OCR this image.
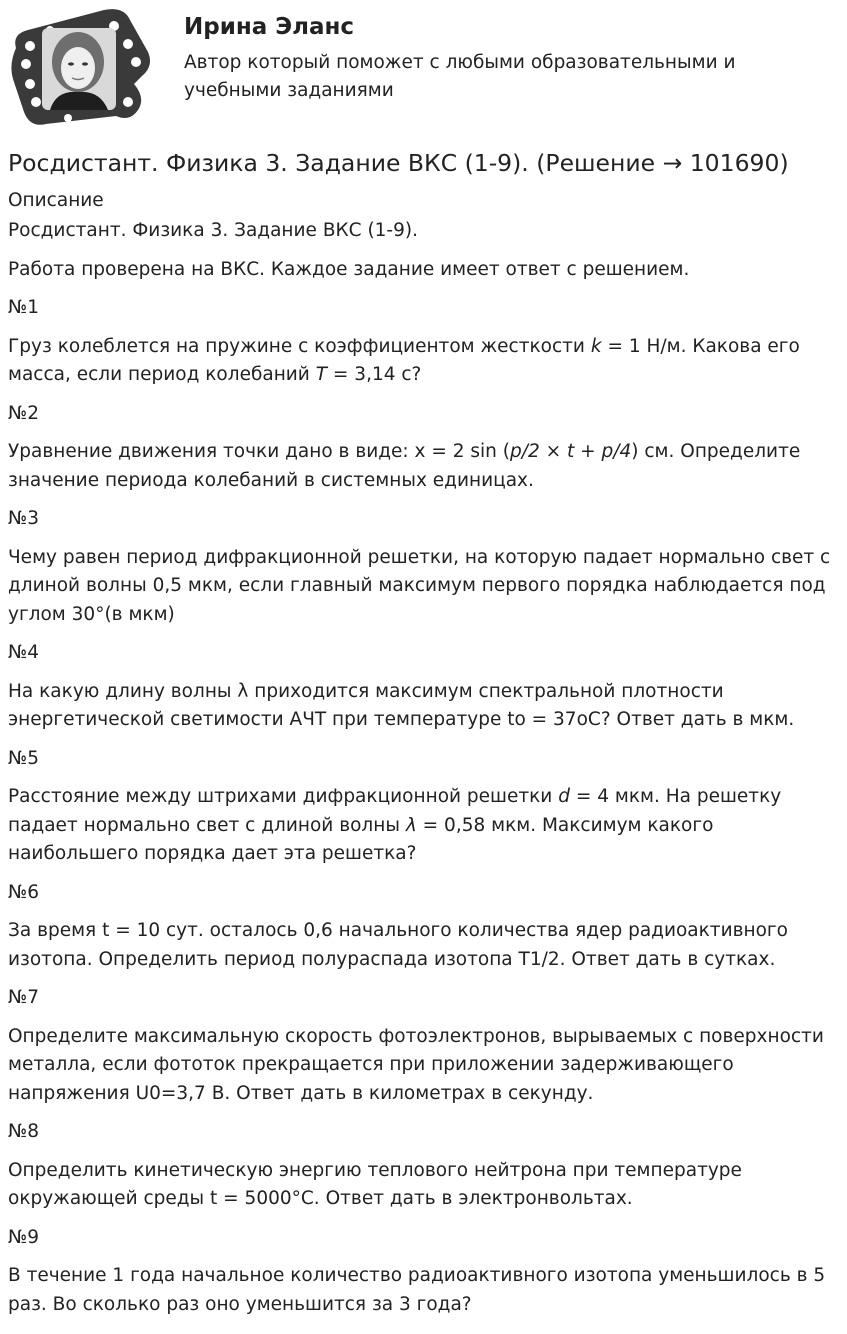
Ирина Эланс

Автор который поможет с любыми образовательными и учебными заданиями

Росдистант. Физика 3. Задание ВКС (1-9). (Решение → 101690)
Описание

Росдистант. Физика 3. Задание ВКС (1-9).

Работа проверена на ВКС. Каждое задание имеет ответ с решением.

№1

Груз колеблется на пружине с коэффициентом жесткости k = 1 Н/м. Какова его масса, если период колебаний T = 3,14 с?

№2

Уравнение движения точки дано в виде: x = 2 sin (p/2 × t + p/4) см. Определите значение периода колебаний в системных единицах.

№3

Чему равен период дифракционной решетки, на которую падает нормально свет с длиной волны 0,5 мкм, если главный максимум первого порядка наблюдается под углом 30°(в мкм)

№4

На какую длину волны λ приходится максимум спектральной плотности энергетической светимости АЧТ при температуре to = 37оС? Ответ дать в мкм.

№5

Расстояние между штрихами дифракционной решетки d = 4 мкм. На решетку падает нормально свет с длиной волны λ = 0,58 мкм. Максимум какого наибольшего порядка дает эта решетка?

№6

За время t = 10 сут. осталось 0,6 начального количества ядер радиоактивного изотопа. Определить период полураспада изотопа Т1/2. Ответ дать в сутках.

№7

Определите максимальную скорость фотоэлектронов, вырываемых с поверхности металла, если фототок прекращается при приложении задерживающего напряжения U0=3,7 В. Ответ дать в километрах в секунду.

№8

Определить кинетическую энергию теплового нейтрона при температуре окружающей среды t = 5000°С. Ответ дать в электронвольтах.

№9

В течение 1 года начальное количество радиоактивного изотопа уменьшилось в 5 раз. Во сколько раз оно уменьшится за 3 года?
